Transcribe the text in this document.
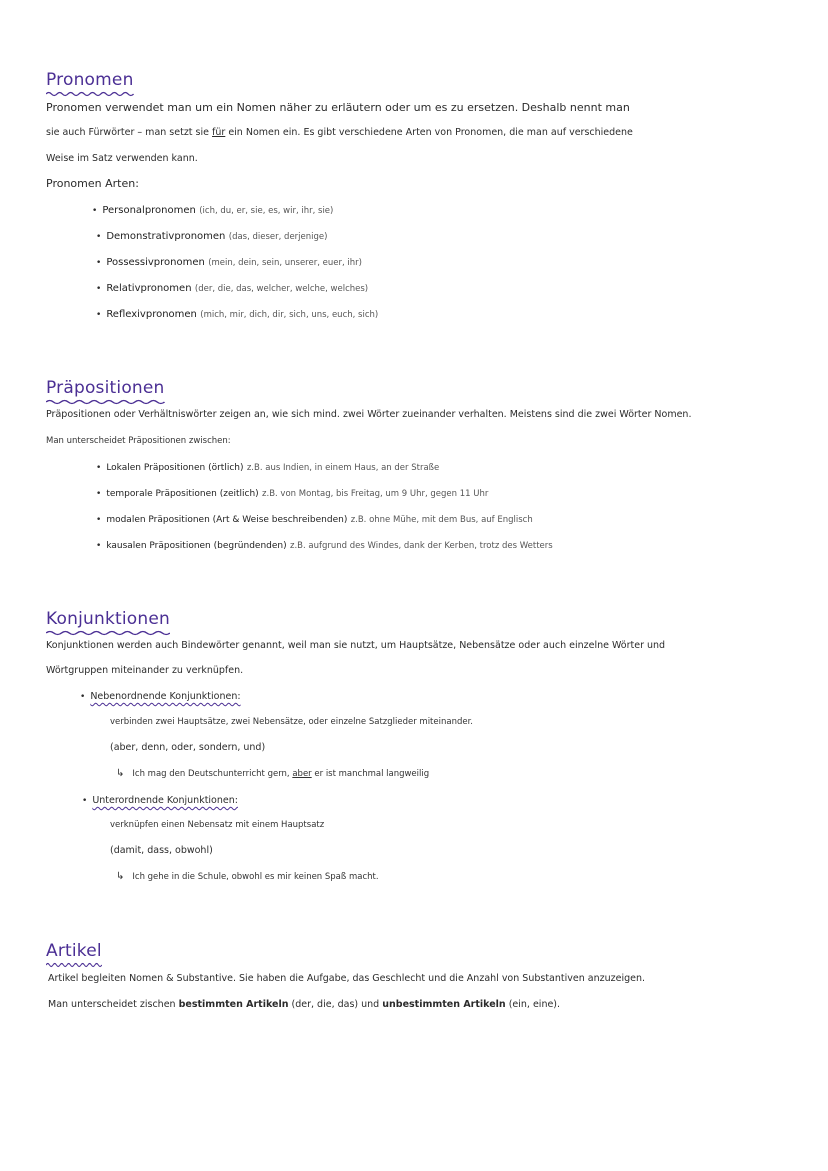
Pronomen
Pronomen verwendet man um ein Nomen näher zu erläutern oder um es zu ersetzen. Deshalb nennt man
sie auch Fürwörter – man setzt sie für ein Nomen ein. Es gibt verschiedene Arten von Pronomen, die man auf verschiedene
Weise im Satz verwenden kann.
Pronomen Arten:
• Personalpronomen (ich, du, er, sie, es, wir, ihr, sie)
• Demonstrativpronomen (das, dieser, derjenige)
• Possessivpronomen (mein, dein, sein, unserer, euer, ihr)
• Relativpronomen (der, die, das, welcher, welche, welches)
• Reflexivpronomen (mich, mir, dich, dir, sich, uns, euch, sich)
Präpositionen
Präpositionen oder Verhältniswörter zeigen an, wie sich mind. zwei Wörter zueinander verhalten. Meistens sind die zwei Wörter Nomen.
Man unterscheidet Präpositionen zwischen:
• Lokalen Präpositionen (örtlich) z.B. aus Indien, in einem Haus, an der Straße
• temporale Präpositionen (zeitlich) z.B. von Montag, bis Freitag, um 9 Uhr, gegen 11 Uhr
• modalen Präpositionen (Art & Weise beschreibenden) z.B. ohne Mühe, mit dem Bus, auf Englisch
• kausalen Präpositionen (begründenden) z.B. aufgrund des Windes, dank der Kerben, trotz des Wetters
Konjunktionen
Konjunktionen werden auch Bindewörter genannt, weil man sie nutzt, um Hauptsätze, Nebensätze oder auch einzelne Wörter und
Wörtgruppen miteinander zu verknüpfen.
• Nebenordnende Konjunktionen:
verbinden zwei Hauptsätze, zwei Nebensätze, oder einzelne Satzglieder miteinander.
(aber, denn, oder, sondern, und)
↳ Ich mag den Deutschunterricht gern, aber er ist manchmal langweilig
• Unterordnende Konjunktionen:
verknüpfen einen Nebensatz mit einem Hauptsatz
(damit, dass, obwohl)
↳ Ich gehe in die Schule, obwohl es mir keinen Spaß macht.
Artikel
Artikel begleiten Nomen & Substantive. Sie haben die Aufgabe, das Geschlecht und die Anzahl von Substantiven anzuzeigen.
Man unterscheidet zischen bestimmten Artikeln (der, die, das) und unbestimmten Artikeln (ein, eine).
